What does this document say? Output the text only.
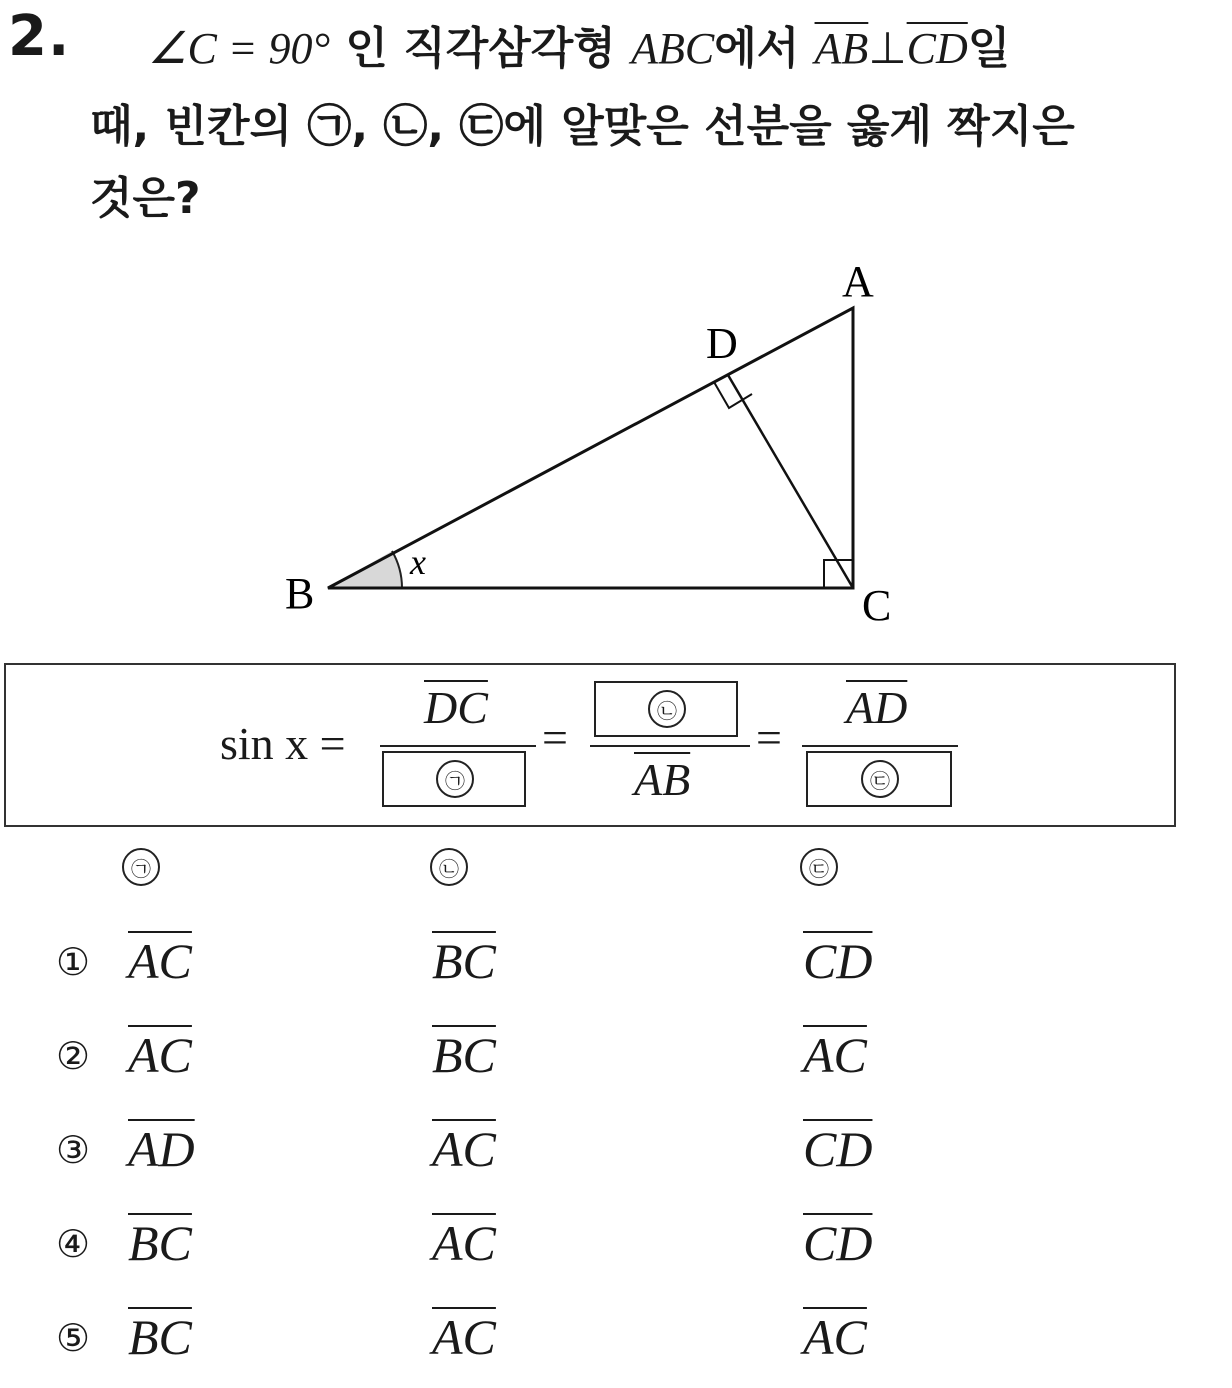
2. ∠C = 90° 인 직각삼각형 ABC에서 $\overline{AB}\perp\overline{CD}$일
때, 빈칸의 ㉠, ㉡, ㉢에 알맞은 선분을 옳게 짝지은
것은?
A
B	C
D
x
sin x =
$\overline{DC}$
㉠
=
㉡
$\overline{AB}$
=
$\overline{AD}$
㉢
㉠	㉡	㉢
① $\overline{AC}$	$\overline{BC}$	$\overline{CD}$
② $\overline{AC}$	$\overline{BC}$	$\overline{AC}$
③ $\overline{AD}$	$\overline{AC}$	$\overline{CD}$
④ $\overline{BC}$	$\overline{AC}$	$\overline{CD}$
⑤ $\overline{BC}$	$\overline{AC}$	$\overline{AC}$
